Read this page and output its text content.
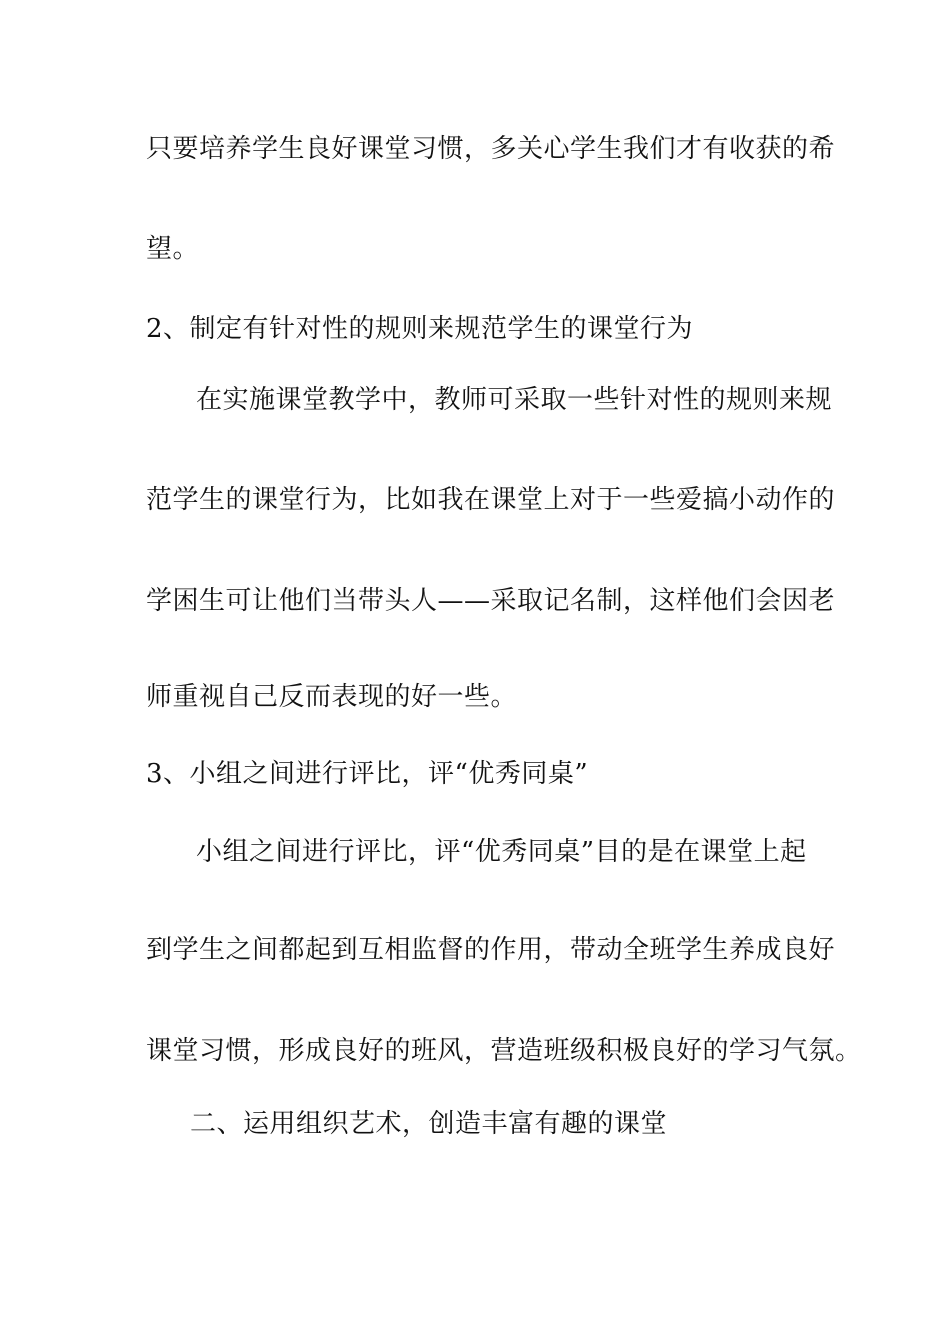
只要培养学生良好课堂习惯，多关心学生我们才有收获的希
望。
2、制定有针对性的规则来规范学生的课堂行为
在实施课堂教学中，教师可采取一些针对性的规则来规
范学生的课堂行为，比如我在课堂上对于一些爱搞小动作的
学困生可让他们当带头人——采取记名制，这样他们会因老
师重视自己反而表现的好一些。
3、小组之间进行评比，评“优秀同桌”
小组之间进行评比，评“优秀同桌”目的是在课堂上起
到学生之间都起到互相监督的作用，带动全班学生养成良好
课堂习惯，形成良好的班风，营造班级积极良好的学习气氛。
二、运用组织艺术，创造丰富有趣的课堂
